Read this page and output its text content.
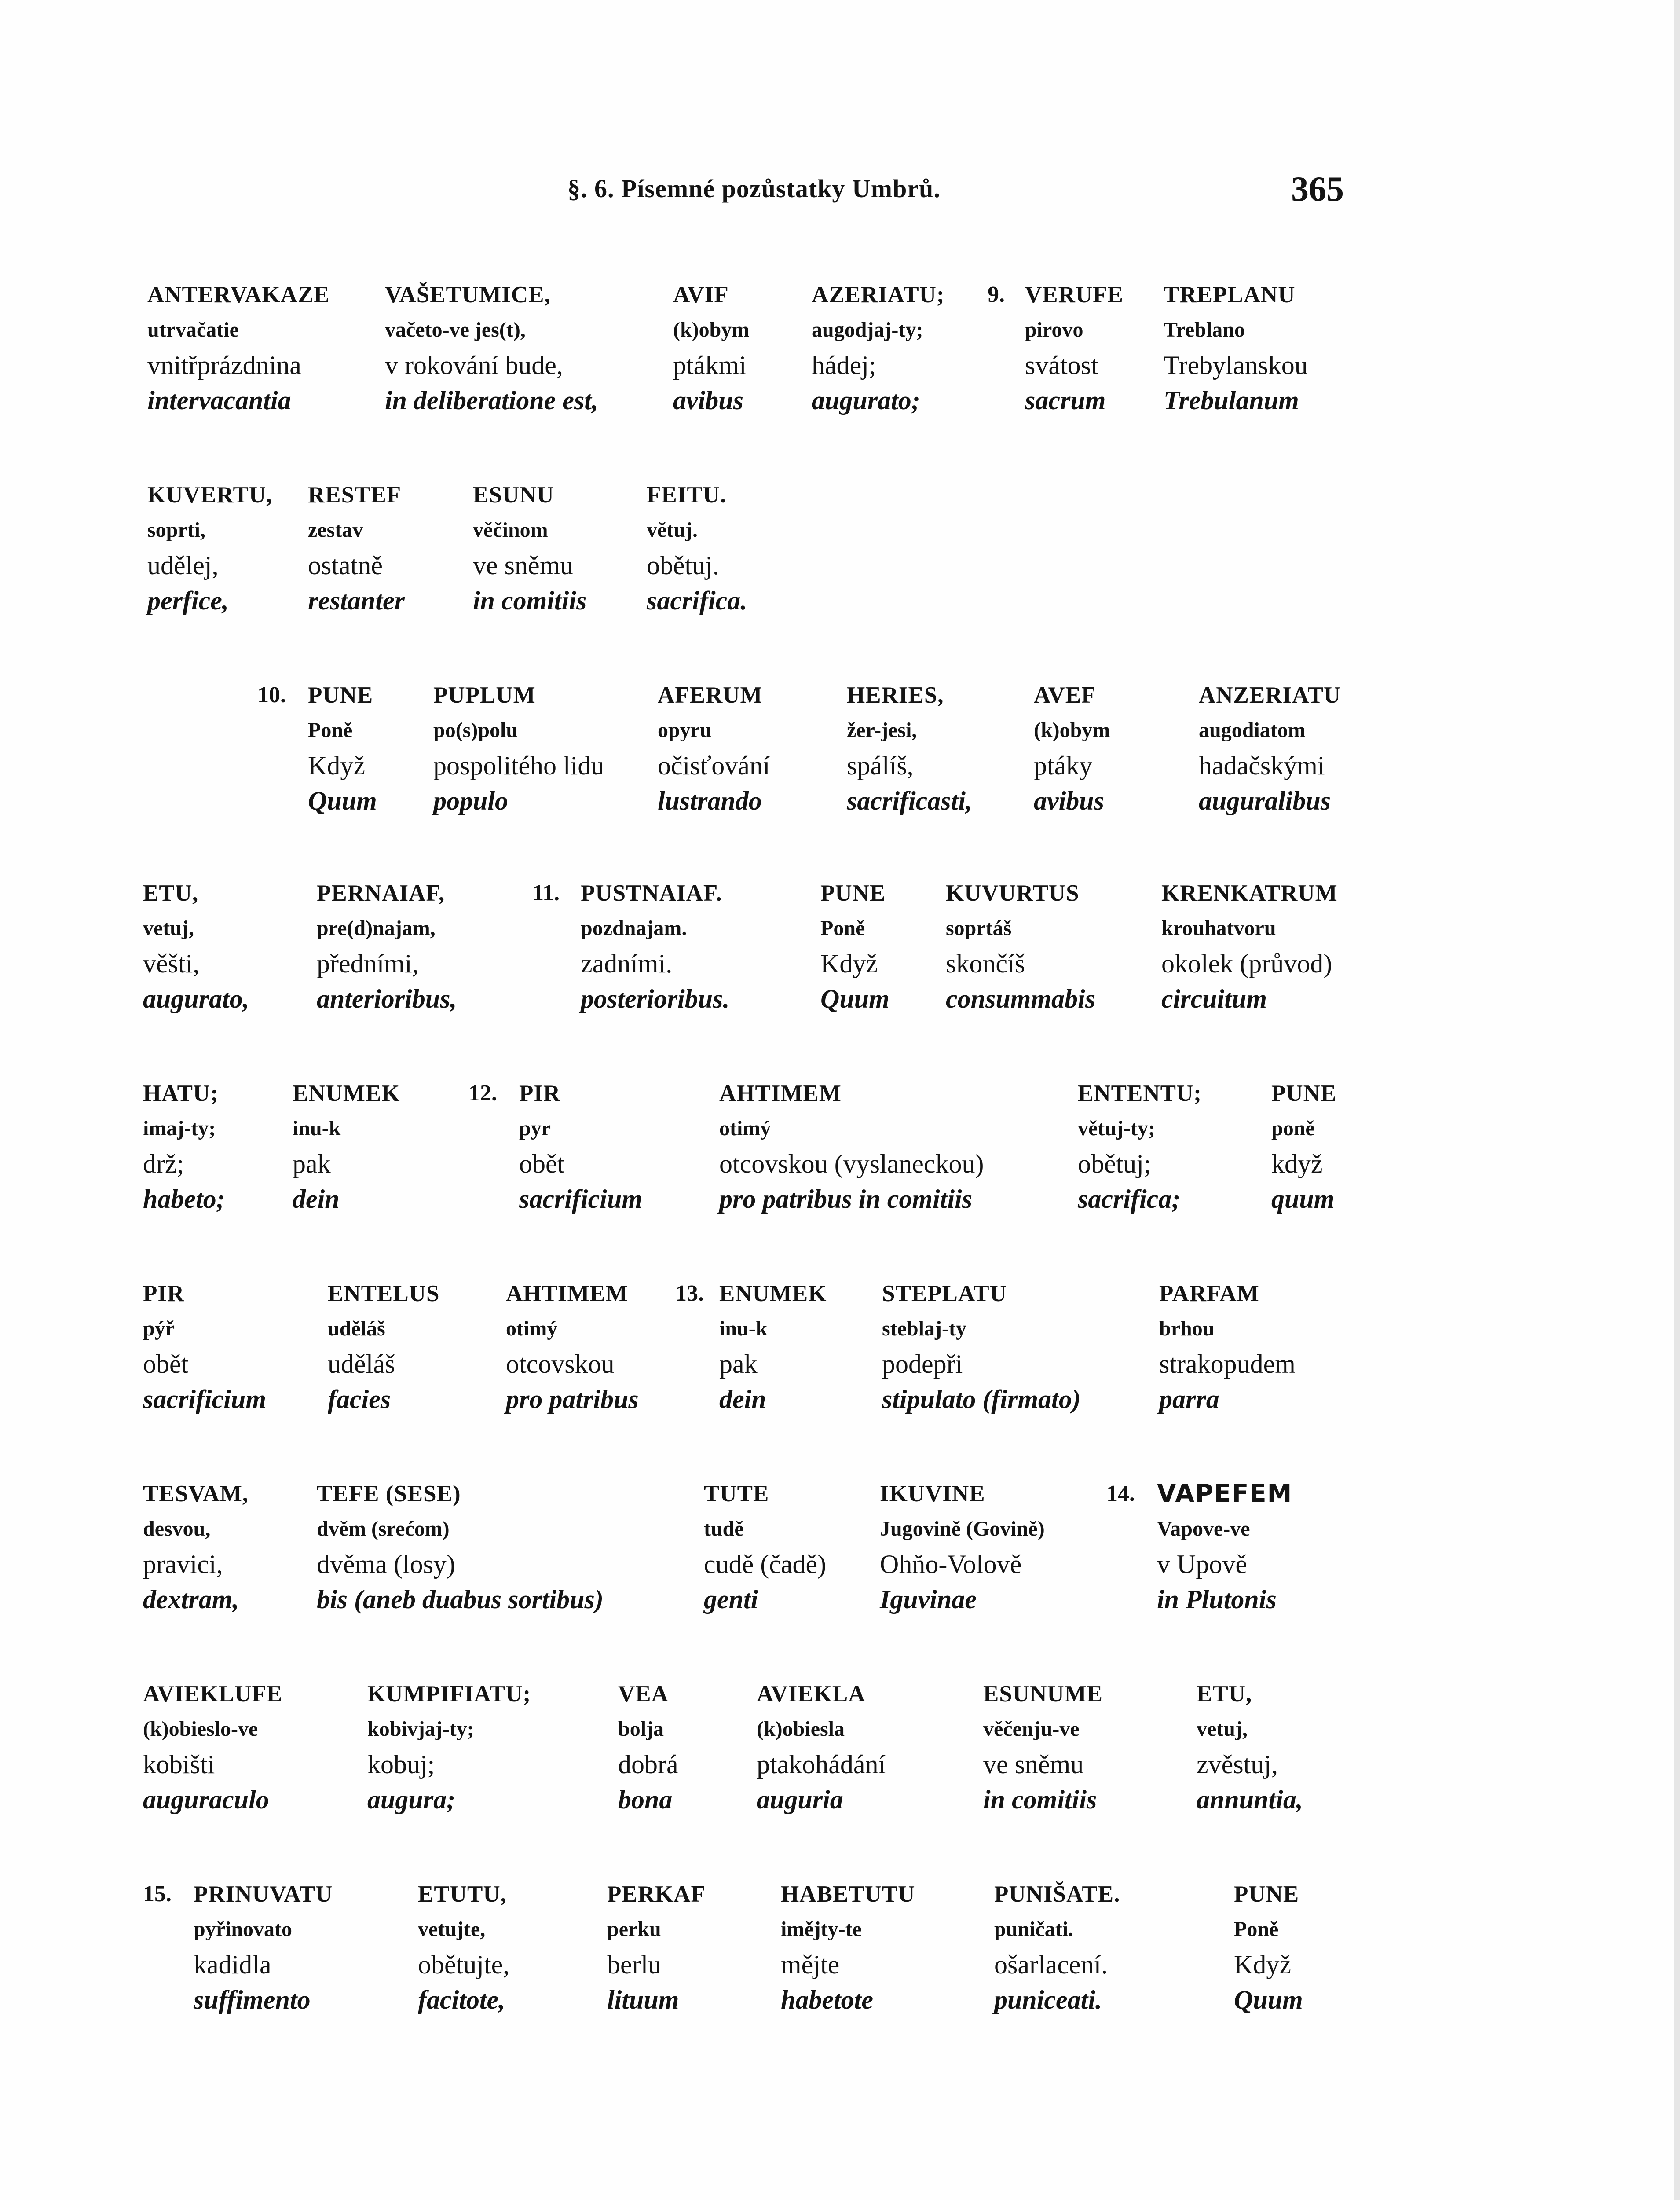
§. 6. Písemné pozůstatky Umbrů.	365
ANTERVAKAZE
utrvačatie
vnitřprázdnina
intervacantia
VAŠETUMICE,
vačeto-ve jes(t),
v rokování bude,
in deliberatione est,
AVIF
(k)obym
ptákmi
avibus
AZERIATU;
augodjaj-ty;
hádej;
augurato;
9. VERUFE
pirovo
svátost
sacrum
TREPLANU
Treblano
Trebylanskou
Trebulanum
KUVERTU,
soprti,
udělej,
perfice,
RESTEF
zestav
ostatně
restanter
ESUNU
věčinom
ve sněmu
in comitiis
FEITU.
větuj.
obětuj.
sacrifica.
10. PUNE
Poně
Když
Quum
PUPLUM
po(s)polu
pospolitého lidu
populo
AFERUM
opyru
očisťování
lustrando
HERIES,
žer-jesi,
spálíš,
sacrificasti,
AVEF
(k)obym
ptáky
avibus
ANZERIATU
augodiatom
hadačskými
auguralibus
ETU,
vetuj,
věšti,
augurato,
PERNAIAF,
pre(d)najam,
předními,
anterioribus,
11. PUSTNAIAF.
pozdnajam.
zadními.
posterioribus.
PUNE
Poně
Když
Quum
KUVURTUS
soprtáš
skončíš
consummabis
KRENKATRUM
krouhatvoru
okolek (průvod)
circuitum
HATU;
imaj-ty;
drž;
habeto;
ENUMEK
inu-k
pak
dein
12. PIR
pyr
obět
sacrificium
AHTIMEM
otimý
otcovskou (vyslaneckou)
pro patribus in comitiis
ENTENTU;
větuj-ty;
obětuj;
sacrifica;
PUNE
poně
když
quum
PIR
pýř
obět
sacrificium
ENTELUS
uděláš
uděláš
facies
AHTIMEM
otimý
otcovskou
pro patribus
13. ENUMEK
inu-k
pak
dein
STEPLATU
steblaj-ty
podepři
stipulato (firmato)
PARFAM
brhou
strakopudem
parra
TESVAM,
desvou,
pravici,
dextram,
TEFE (SESE)
dvěm (srećom)
dvěma (losy)
bis (aneb duabus sortibus)
TUTE
tudě
cudě (čadě)
genti
IKUVINE
Jugovině (Govině)
Ohňo-Volově
Iguvinae
14. VAPEFEM
Vapove-ve
v Upově
in Plutonis
AVIEKLUFE
(k)obieslo-ve
kobišti
auguraculo
KUMPIFIATU;
kobivjaj-ty;
kobuj;
augura;
VEA
bolja
dobrá
bona
AVIEKLA
(k)obiesla
ptakohádání
auguria
ESUNUME
věčenju-ve
ve sněmu
in comitiis
ETU,
vetuj,
zvěstuj,
annuntia,
15. PRINUVATU
pyřinovato
kadidla
suffimento
ETUTU,
vetujte,
obětujte,
facitote,
PERKAF
perku
berlu
lituum
HABETUTU
imějty-te
mějte
habetote
PUNIŠATE.
puničati.
ošarlacení.
puniceati.
PUNE
Poně
Když
Quum
